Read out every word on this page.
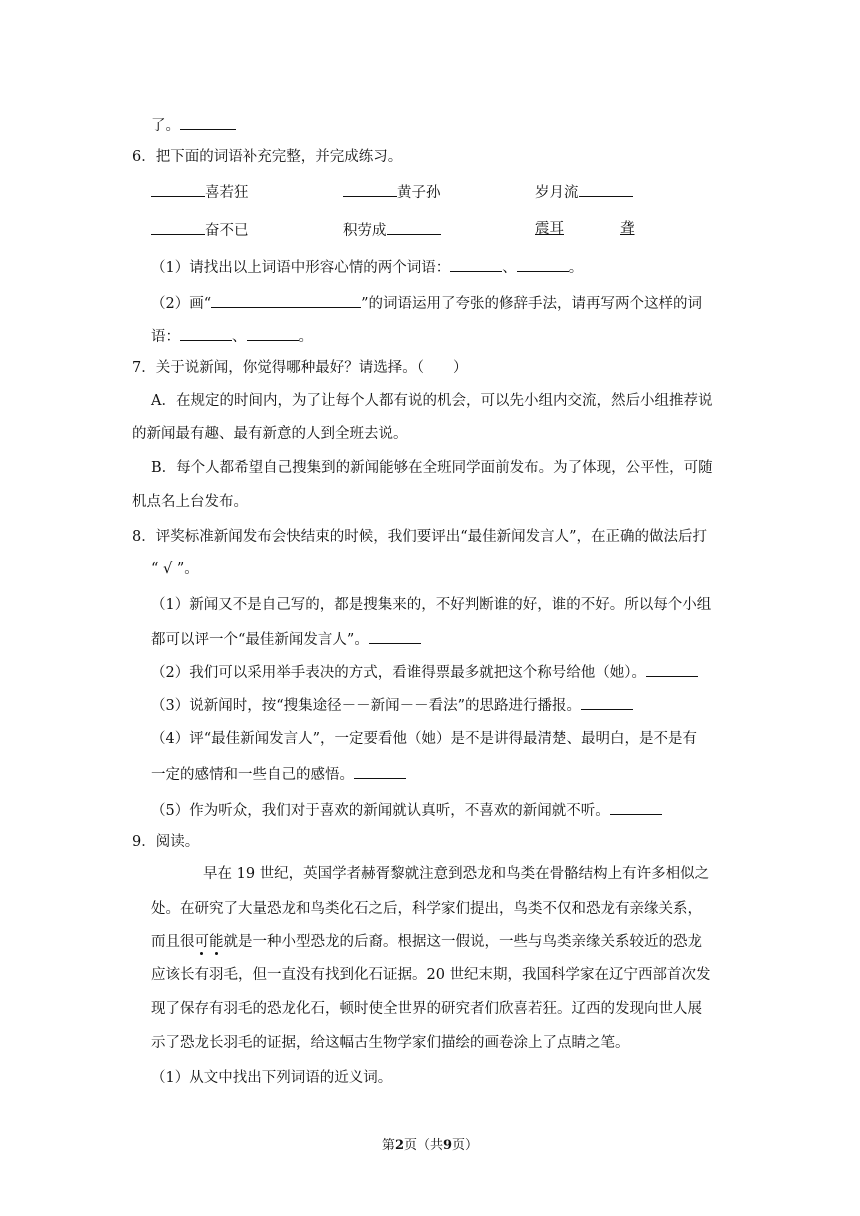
了。
6．把下面的词语补充完整，并完成练习。
喜若狂	黄子孙	岁月流
奋不已	积劳成	震耳	聋
（1）请找出以上词语中形容心情的两个词语：	、	。
（2）画“	”的词语运用了夸张的修辞手法，请再写两个这样的词
语：	、	。
7．关于说新闻，你觉得哪种最好？请选择。（　　）
A．在规定的时间内，为了让每个人都有说的机会，可以先小组内交流，然后小组推荐说
的新闻最有趣、最有新意的人到全班去说。
B．每个人都希望自己搜集到的新闻能够在全班同学面前发布。为了体现，公平性，可随
机点名上台发布。
8．评奖标准新闻发布会快结束的时候，我们要评出“最佳新闻发言人”，在正确的做法后打
“ √ ”。
（1）新闻又不是自己写的，都是搜集来的，不好判断谁的好，谁的不好。所以每个小组
都可以评一个“最佳新闻发言人”。
（2）我们可以采用举手表决的方式，看谁得票最多就把这个称号给他（她）。
（3）说新闻时，按“搜集途径－－新闻－－看法”的思路进行播报。
（4）评“最佳新闻发言人”，一定要看他（她）是不是讲得最清楚、最明白，是不是有
一定的感情和一些自己的感悟。
（5）作为听众，我们对于喜欢的新闻就认真听，不喜欢的新闻就不听。
9．阅读。
早在 19 世纪，英国学者赫胥黎就注意到恐龙和鸟类在骨骼结构上有许多相似之
处。在研究了大量恐龙和鸟类化石之后，科学家们提出，鸟类不仅和恐龙有亲缘关系，
而且很可能就是一种小型恐龙的后裔。根据这一假说，一些与鸟类亲缘关系较近的恐龙
应该长有羽毛，但一直没有找到化石证据。20 世纪末期，我国科学家在辽宁西部首次发
现了保存有羽毛的恐龙化石，顿时使全世界的研究者们欣喜若狂。辽西的发现向世人展
示了恐龙长羽毛的证据，给这幅古生物学家们描绘的画卷涂上了点睛之笔。
（1）从文中找出下列词语的近义词。
第2页（共9页）
